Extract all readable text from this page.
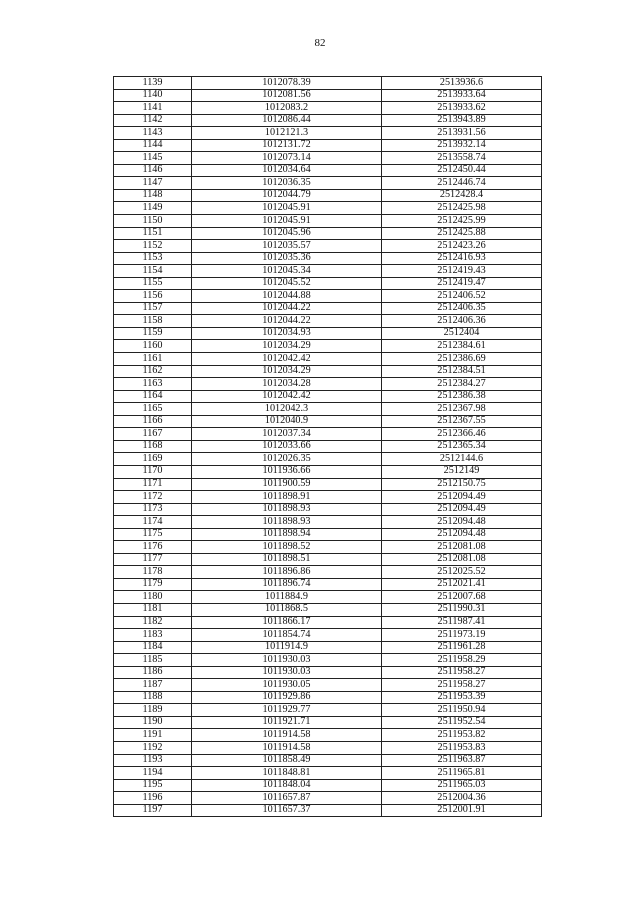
82
1139	1012078.39	2513936.6
1140	1012081.56	2513933.64
1141	1012083.2	2513933.62
1142	1012086.44	2513943.89
1143	1012121.3	2513931.56
1144	1012131.72	2513932.14
1145	1012073.14	2513558.74
1146	1012034.64	2512450.44
1147	1012036.35	2512446.74
1148	1012044.79	2512428.4
1149	1012045.91	2512425.98
1150	1012045.91	2512425.99
1151	1012045.96	2512425.88
1152	1012035.57	2512423.26
1153	1012035.36	2512416.93
1154	1012045.34	2512419.43
1155	1012045.52	2512419.47
1156	1012044.88	2512406.52
1157	1012044.22	2512406.35
1158	1012044.22	2512406.36
1159	1012034.93	2512404
1160	1012034.29	2512384.61
1161	1012042.42	2512386.69
1162	1012034.29	2512384.51
1163	1012034.28	2512384.27
1164	1012042.42	2512386.38
1165	1012042.3	2512367.98
1166	1012040.9	2512367.55
1167	1012037.34	2512366.46
1168	1012033.66	2512365.34
1169	1012026.35	2512144.6
1170	1011936.66	2512149
1171	1011900.59	2512150.75
1172	1011898.91	2512094.49
1173	1011898.93	2512094.49
1174	1011898.93	2512094.48
1175	1011898.94	2512094.48
1176	1011898.52	2512081.08
1177	1011898.51	2512081.08
1178	1011896.86	2512025.52
1179	1011896.74	2512021.41
1180	1011884.9	2512007.68
1181	1011868.5	2511990.31
1182	1011866.17	2511987.41
1183	1011854.74	2511973.19
1184	1011914.9	2511961.28
1185	1011930.03	2511958.29
1186	1011930.03	2511958.27
1187	1011930.05	2511958.27
1188	1011929.86	2511953.39
1189	1011929.77	2511950.94
1190	1011921.71	2511952.54
1191	1011914.58	2511953.82
1192	1011914.58	2511953.83
1193	1011858.49	2511963.87
1194	1011848.81	2511965.81
1195	1011848.04	2511965.03
1196	1011657.87	2512004.36
1197	1011657.37	2512001.91
